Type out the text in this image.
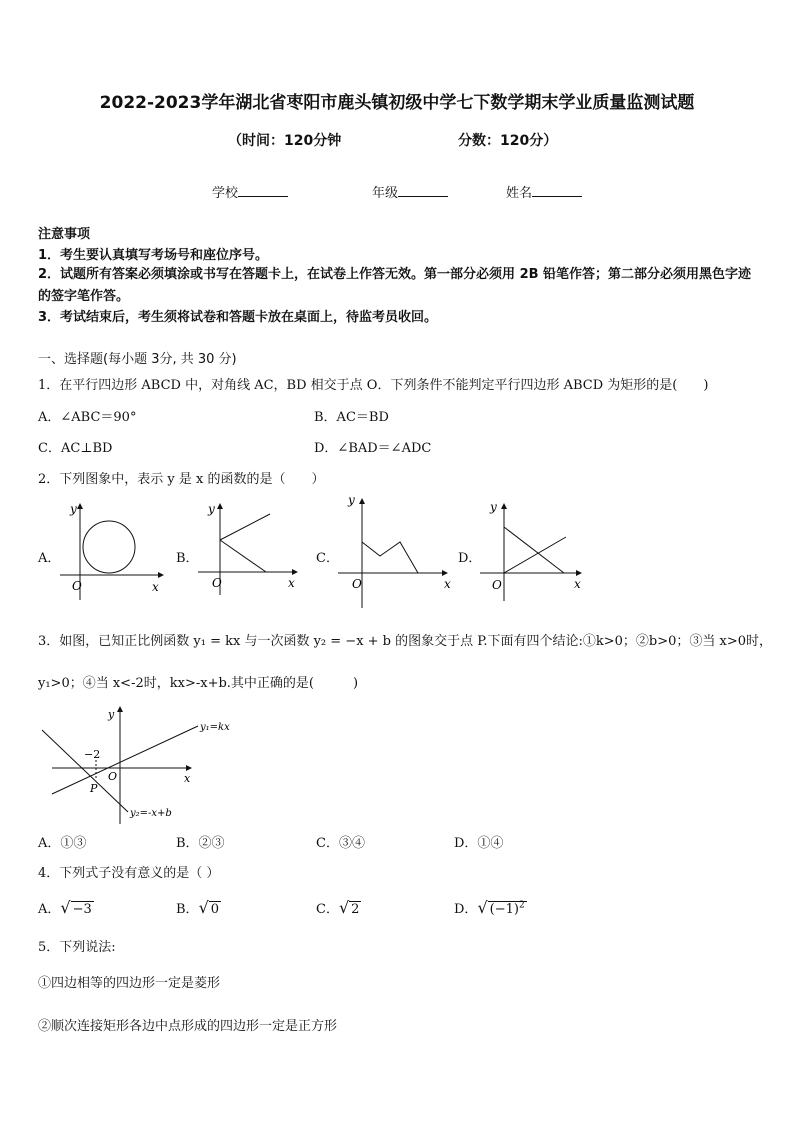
2022-2023学年湖北省枣阳市鹿头镇初级中学七下数学期末学业质量监测试题
（时间：120分钟	分数：120分）
学校	年级	姓名
注意事项
1．考生要认真填写考场号和座位序号。
2．试题所有答案必须填涂或书写在答题卡上，在试卷上作答无效。第一部分必须用 2B 铅笔作答；第二部分必须用黑色字迹的签字笔作答。
3．考试结束后，考生须将试卷和答题卡放在桌面上，待监考员收回。
一、选择题(每小题 3分, 共 30 分)
1．在平行四边形 ABCD 中，对角线 AC，BD 相交于点 O．下列条件不能判定平行四边形 ABCD 为矩形的是(　　)
A．∠ABC＝90°	B．AC＝BD
C．AC⊥BD	D．∠BAD＝∠ADC
2．下列图象中，表示 y 是 x 的函数的是（　　）
A．
x
y
O
B．
x
y
O
C．
x
y
O
D．
x
y
O
3．如图，已知正比例函数 y₁ = kx 与一次函数 y₂ = −x + b 的图象交于点 P.下面有四个结论:①k>0；②b>0；③当 x>0时，
y₁>0；④当 x<-2时，kx>-x+b.其中正确的是(　　　)
−2
O
P
x
y
y₁=kx
y₂=-x+b
A．①③	B．②③	C．③④	D．①④
4．下列式子没有意义的是（ ）
A．√ −3	B．√ 0	C．√ 2	D．√ $(-1)^2$
5．下列说法:
①四边相等的四边形一定是菱形
②顺次连接矩形各边中点形成的四边形一定是正方形
